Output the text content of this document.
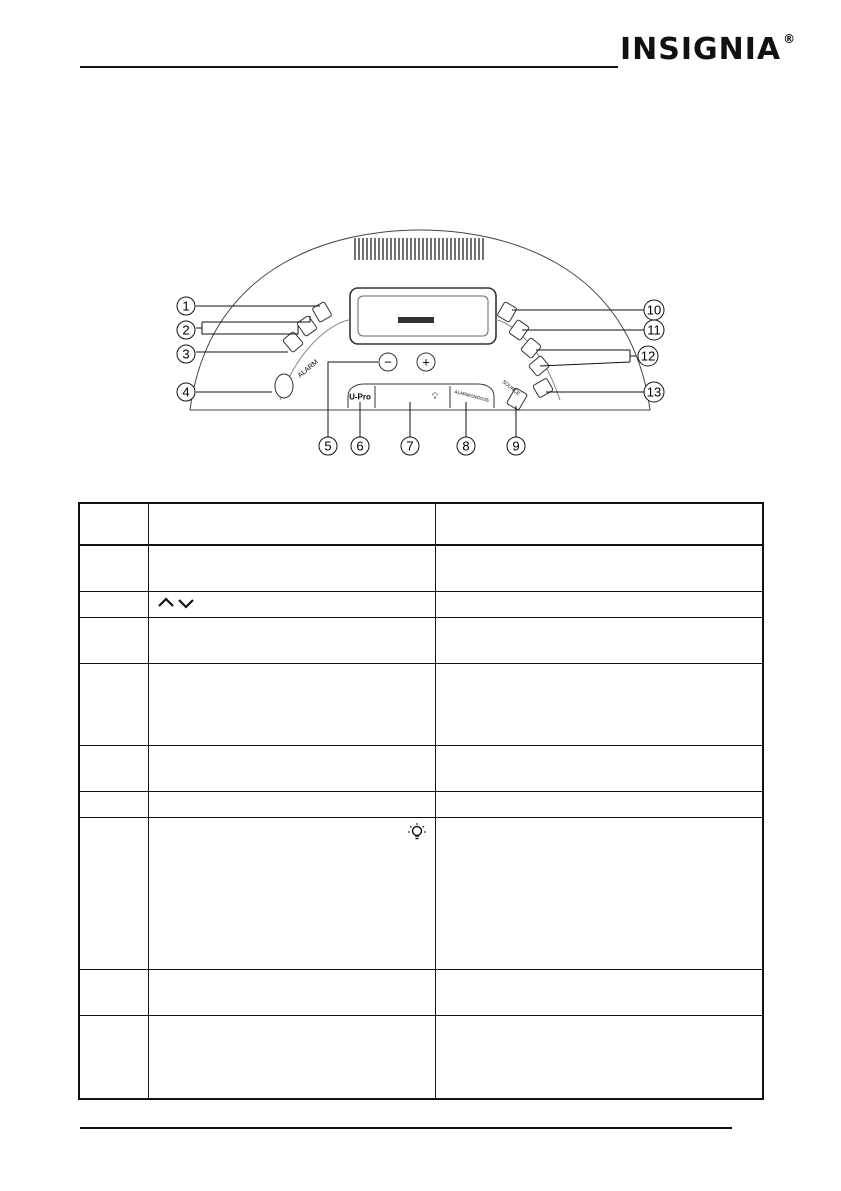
INSIGNIA ®
ALARM	− +
U-Pro	💡︎	ALARM/SNOOZE SOURCE
1
2
3
4
5 6	7	8	9
10
11
12
13
